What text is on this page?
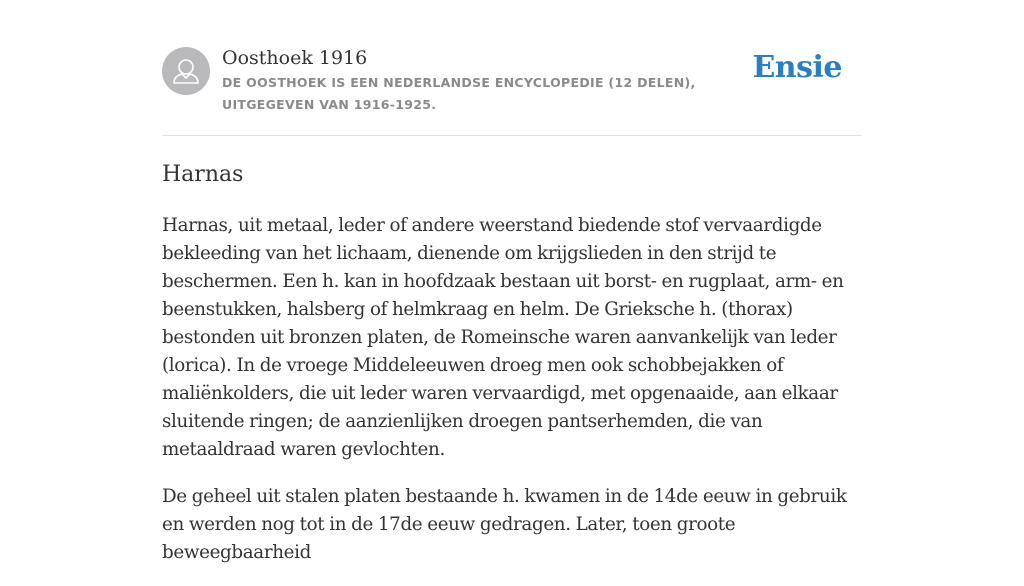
Oosthoek 1916

DE OOSTHOEK IS EEN NEDERLANDSE ENCYCLOPEDIE (12 DELEN), UITGEGEVEN VAN 1916-1925.

Ensie
Harnas

Harnas, uit metaal, leder of andere weerstand biedende stof vervaardigde bekleeding van het lichaam, dienende om krijgslieden in den strijd te beschermen. Een h. kan in hoofdzaak bestaan uit borst- en rugplaat, arm- en beenstukken, halsberg of helmkraag en helm. De Grieksche h. (thorax) bestonden uit bronzen platen, de Romeinsche waren aanvankelijk van leder (lorica). In de vroege Middeleeuwen droeg men ook schobbejakken of maliënkolders, die uit leder waren vervaardigd, met opgenaaide, aan elkaar sluitende ringen; de aanzienlijken droegen pantserhemden, die van metaaldraad waren gevlochten.

De geheel uit stalen platen bestaande h. kwamen in de 14de eeuw in gebruik en werden nog tot in de 17de eeuw gedragen. Later, toen groote beweegbaarheid
